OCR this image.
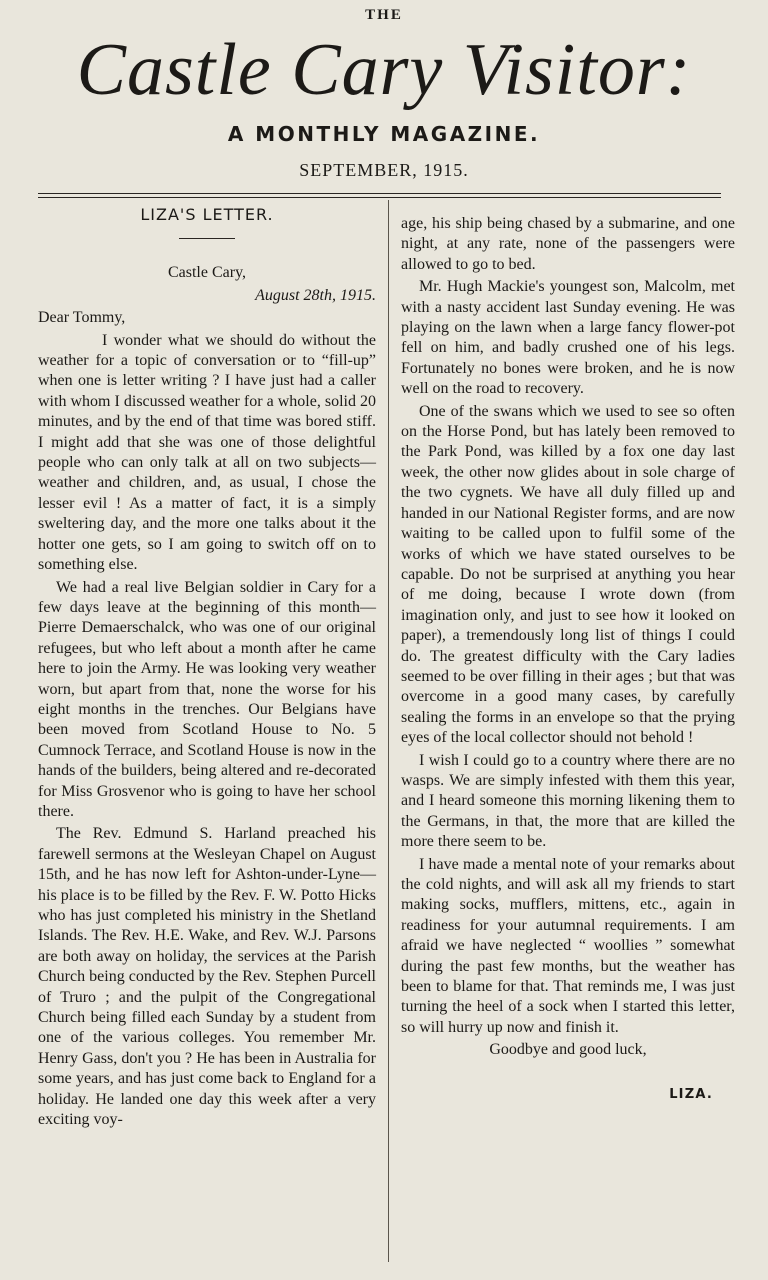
THE
Castle Cary Visitor:
A MONTHLY MAGAZINE.
SEPTEMBER, 1915.
LIZA'S LETTER.

Castle Cary,

August 28th, 1915.

Dear Tommy,

I wonder what we should do without the weather for a topic of conversation or to “fill-up” when one is letter writing ? I have just had a caller with whom I discussed weather for a whole, solid 20 minutes, and by the end of that time was bored stiff. I might add that she was one of those delightful people who can only talk at all on two subjects—weather and children, and, as usual, I chose the lesser evil ! As a matter of fact, it is a simply sweltering day, and the more one talks about it the hotter one gets, so I am going to switch off on to something else.

We had a real live Belgian soldier in Cary for a few days leave at the beginning of this month—Pierre Demaerschalck, who was one of our original refugees, but who left about a month after he came here to join the Army. He was looking very weather worn, but apart from that, none the worse for his eight months in the trenches. Our Belgians have been moved from Scotland House to No. 5 Cumnock Terrace, and Scotland House is now in the hands of the builders, being altered and re-decorated for Miss Grosvenor who is going to have her school there.

The Rev. Edmund S. Harland preached his farewell sermons at the Wesleyan Chapel on August 15th, and he has now left for Ashton-under-Lyne—his place is to be filled by the Rev. F. W. Potto Hicks who has just completed his ministry in the Shetland Islands. The Rev. H.E. Wake, and Rev. W.J. Parsons are both away on holiday, the services at the Parish Church being conducted by the Rev. Stephen Purcell of Truro ; and the pulpit of the Congregational Church being filled each Sunday by a student from one of the various colleges. You remember Mr. Henry Gass, don't you ? He has been in Australia for some years, and has just come back to England for a holiday. He landed one day this week after a very exciting voy-

age, his ship being chased by a submarine, and one night, at any rate, none of the passengers were allowed to go to bed.

Mr. Hugh Mackie's youngest son, Malcolm, met with a nasty accident last Sunday evening. He was playing on the lawn when a large fancy flower-pot fell on him, and badly crushed one of his legs. Fortunately no bones were broken, and he is now well on the road to recovery.

One of the swans which we used to see so often on the Horse Pond, but has lately been removed to the Park Pond, was killed by a fox one day last week, the other now glides about in sole charge of the two cygnets. We have all duly filled up and handed in our National Register forms, and are now waiting to be called upon to fulfil some of the works of which we have stated ourselves to be capable. Do not be surprised at anything you hear of me doing, because I wrote down (from imagination only, and just to see how it looked on paper), a tremendously long list of things I could do. The greatest difficulty with the Cary ladies seemed to be over filling in their ages ; but that was overcome in a good many cases, by carefully sealing the forms in an envelope so that the prying eyes of the local collector should not behold !

I wish I could go to a country where there are no wasps. We are simply infested with them this year, and I heard someone this morning likening them to the Germans, in that, the more that are killed the more there seem to be.

I have made a mental note of your remarks about the cold nights, and will ask all my friends to start making socks, mufflers, mittens, etc., again in readiness for your autumnal requirements. I am afraid we have neglected “ woollies ” somewhat during the past few months, but the weather has been to blame for that. That reminds me, I was just turning the heel of a sock when I started this letter, so will hurry up now and finish it.

Goodbye and good luck,

LIZA.
